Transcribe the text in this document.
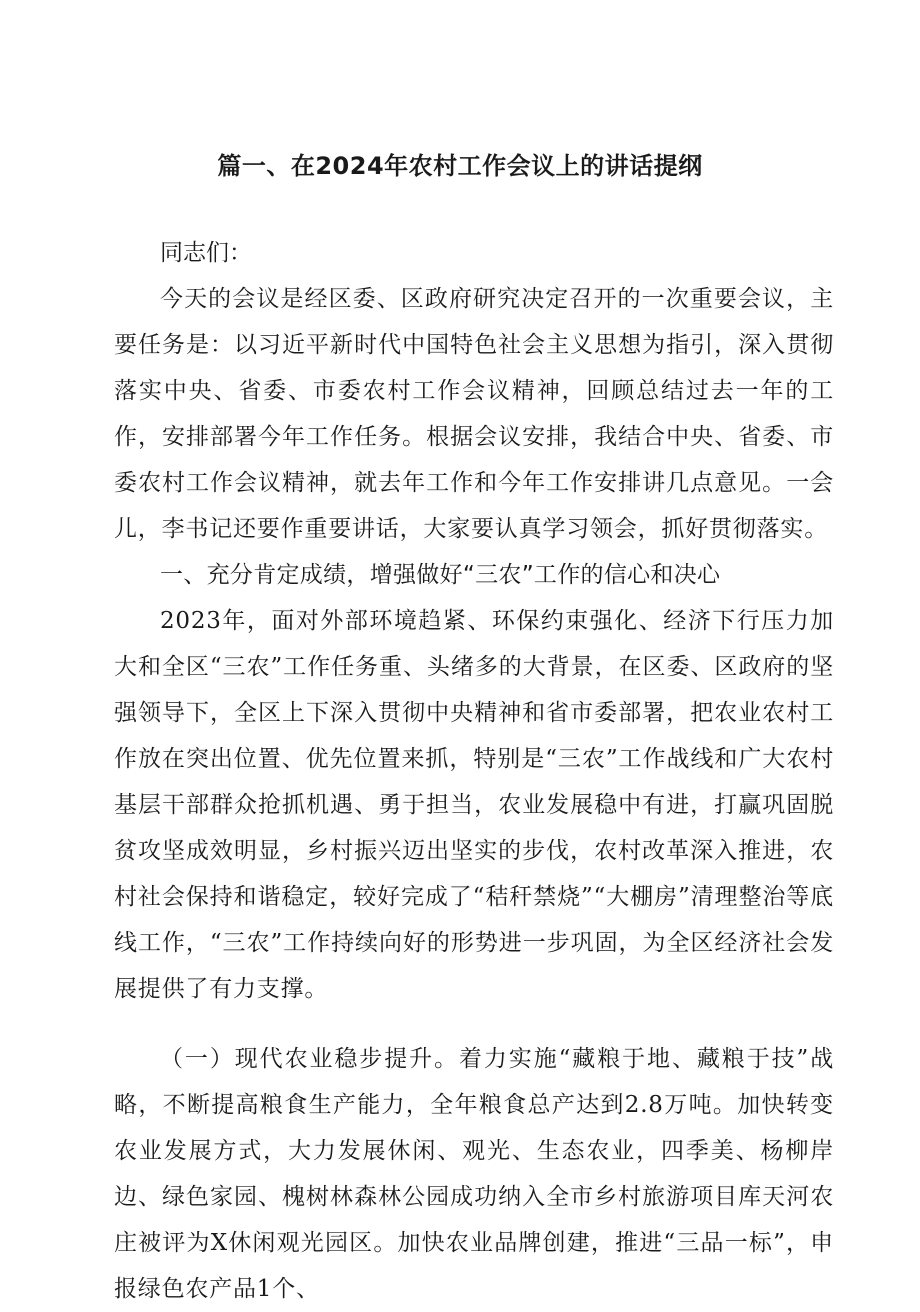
篇一、在2024年农村工作会议上的讲话提纲

同志们：

今天的会议是经区委、区政府研究决定召开的一次重要会议，主要任务是：以习近平新时代中国特色社会主义思想为指引，深入贯彻落实中央、省委、市委农村工作会议精神，回顾总结过去一年的工作，安排部署今年工作任务。根据会议安排，我结合中央、省委、市委农村工作会议精神，就去年工作和今年工作安排讲几点意见。一会儿，李书记还要作重要讲话，大家要认真学习领会，抓好贯彻落实。

一、充分肯定成绩，增强做好“三农”工作的信心和决心

2023年，面对外部环境趋紧、环保约束强化、经济下行压力加大和全区“三农”工作任务重、头绪多的大背景，在区委、区政府的坚强领导下，全区上下深入贯彻中央精神和省市委部署，把农业农村工作放在突出位置、优先位置来抓，特别是“三农”工作战线和广大农村基层干部群众抢抓机遇、勇于担当，农业发展稳中有进，打赢巩固脱贫攻坚成效明显，乡村振兴迈出坚实的步伐，农村改革深入推进，农村社会保持和谐稳定，较好完成了“秸秆禁烧”“大棚房”清理整治等底线工作，“三农”工作持续向好的形势进一步巩固，为全区经济社会发展提供了有力支撑。

（一）现代农业稳步提升。着力实施“藏粮于地、藏粮于技”战略，不断提高粮食生产能力，全年粮食总产达到2.8万吨。加快转变农业发展方式，大力发展休闲、观光、生态农业，四季美、杨柳岸边、绿色家园、槐树林森林公园成功纳入全市乡村旅游项目库天河农庄被评为X休闲观光园区。加快农业品牌创建，推进“三品一标”，申报绿色农产品1个、
